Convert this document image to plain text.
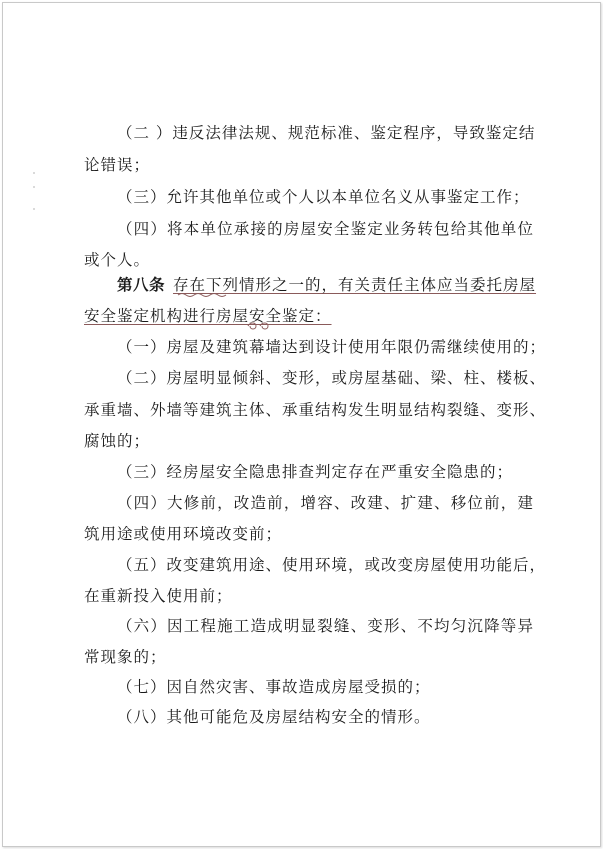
（二 ）违反法律法规、规范标准、鉴定程序，导致鉴定结
论错误；
（三）允许其他单位或个人以本单位名义从事鉴定工作；
（四）将本单位承接的房屋安全鉴定业务转包给其他单位
或个人。
第八条 存在下列情形之一的，有关责任主体应当委托房屋
安全鉴定机构进行房屋安全鉴定：
（一）房屋及建筑幕墙达到设计使用年限仍需继续使用的；
（二）房屋明显倾斜、变形，或房屋基础、梁、柱、楼板、
承重墙、外墙等建筑主体、承重结构发生明显结构裂缝、变形、
腐蚀的；
（三）经房屋安全隐患排查判定存在严重安全隐患的；
（四）大修前，改造前，增容、改建、扩建、移位前，建
筑用途或使用环境改变前；
（五）改变建筑用途、使用环境，或改变房屋使用功能后，
在重新投入使用前；
（六）因工程施工造成明显裂缝、变形、不均匀沉降等异
常现象的；
（七）因自然灾害、事故造成房屋受损的；
（八）其他可能危及房屋结构安全的情形。
